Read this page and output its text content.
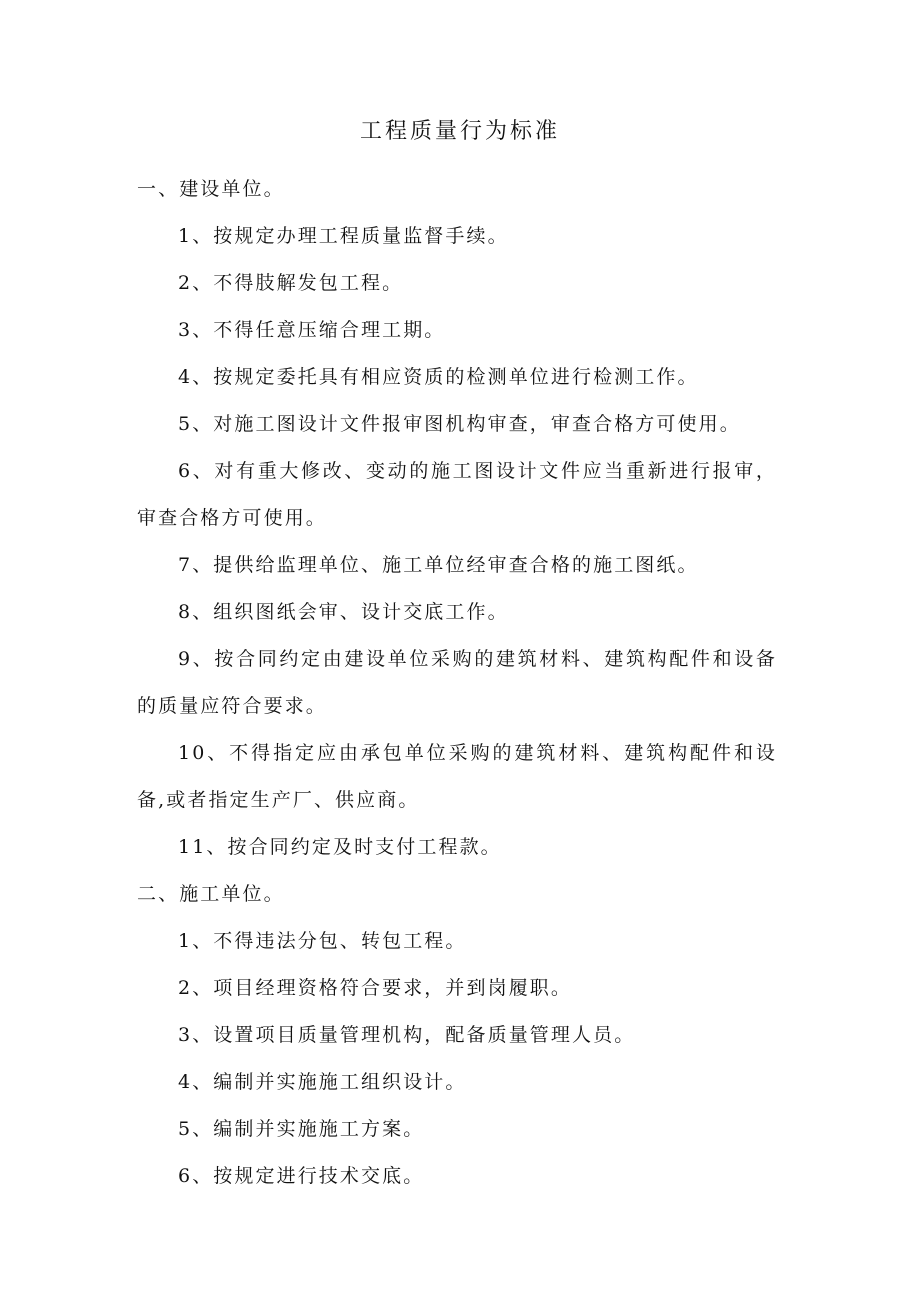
工程质量行为标准

一、建设单位。

1、按规定办理工程质量监督手续。

2、不得肢解发包工程。

3、不得任意压缩合理工期。

4、按规定委托具有相应资质的检测单位进行检测工作。

5、对施工图设计文件报审图机构审查，审查合格方可使用。

6、对有重大修改、变动的施工图设计文件应当重新进行报审，审查合格方可使用。

7、提供给监理单位、施工单位经审查合格的施工图纸。

8、组织图纸会审、设计交底工作。

9、按合同约定由建设单位采购的建筑材料、建筑构配件和设备的质量应符合要求。

10、不得指定应由承包单位采购的建筑材料、建筑构配件和设备,或者指定生产厂、供应商。

11、按合同约定及时支付工程款。

二、施工单位。

1、不得违法分包、转包工程。

2、项目经理资格符合要求，并到岗履职。

3、设置项目质量管理机构，配备质量管理人员。

4、编制并实施施工组织设计。

5、编制并实施施工方案。

6、按规定进行技术交底。
